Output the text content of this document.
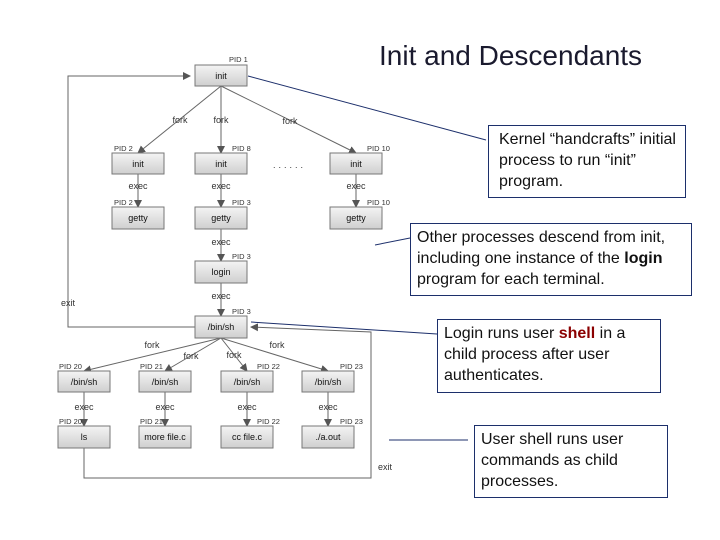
Init and Descendants
init
init	init	init
getty	getty	getty
login
/bin/sh
/bin/sh	/bin/sh	/bin/sh	/bin/sh
ls	more file.c	cc file.c	./a.out
PID 1
PID 2	PID 8	PID 10
PID 2	PID 3	PID 10
PID 3
PID 3
PID 20	PID 21	PID 22	PID 23
PID 20	PID 21	PID 22	PID 23
fork	fork	fork
exec	exec	exec
exec
exec
fork
fork	fork
fork
exec	exec	exec	exec
exit
exit
· · · · · ·
Kernel “handcrafts” initial process to run “init” program.
Other processes descend from init, including one instance of the login program for each terminal.
Login runs user shell in a child process after user authenticates.
User shell runs user commands as child processes.
